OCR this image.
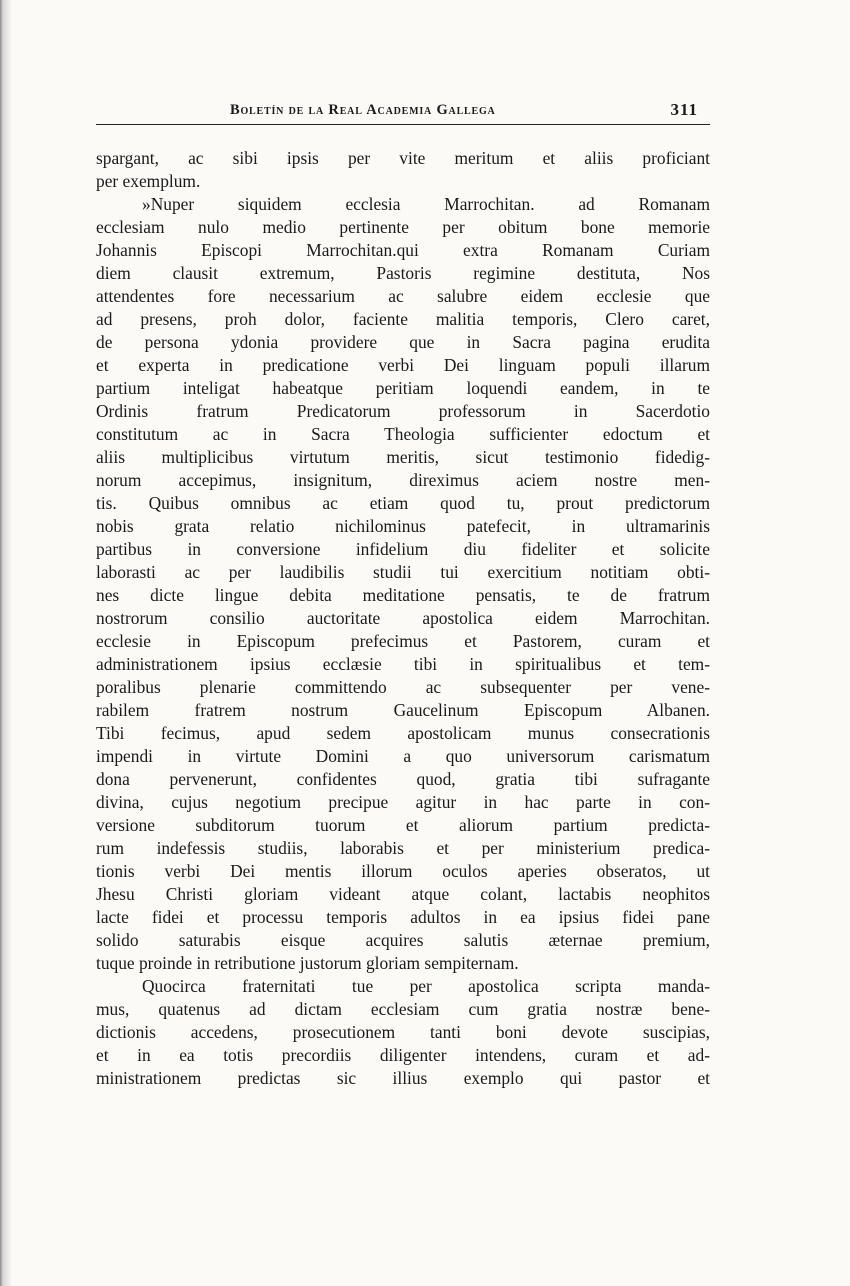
Boletín de la Real Academia Gallega	311
spargant, ac sibi ipsis per vite meritum et aliis proficiant
per exemplum.
»Nuper siquidem ecclesia Marrochitan. ad Romanam
ecclesiam nulo medio pertinente per obitum bone memorie
Johannis Episcopi Marrochitan.qui extra Romanam Curiam
diem clausit extremum, Pastoris regimine destituta, Nos
attendentes fore necessarium ac salubre eidem ecclesie que
ad presens, proh dolor, faciente malitia temporis, Clero caret,
de persona ydonia providere que in Sacra pagina erudita
et experta in predicatione verbi Dei linguam populi illarum
partium inteligat habeatque peritiam loquendi eandem, in te
Ordinis fratrum Predicatorum professorum in Sacerdotio
constitutum ac in Sacra Theologia sufficienter edoctum et
aliis multiplicibus virtutum meritis, sicut testimonio fidedig-
norum accepimus, insignitum, direximus aciem nostre men-
tis. Quibus omnibus ac etiam quod tu, prout predictorum
nobis grata relatio nichilominus patefecit, in ultramarinis
partibus in conversione infidelium diu fideliter et solicite
laborasti ac per laudibilis studii tui exercitium notitiam obti-
nes dicte lingue debita meditatione pensatis, te de fratrum
nostrorum consilio auctoritate apostolica eidem Marrochitan.
ecclesie in Episcopum prefecimus et Pastorem, curam et
administrationem ipsius ecclæsie tibi in spiritualibus et tem-
poralibus plenarie committendo ac subsequenter per vene-
rabilem fratrem nostrum Gaucelinum Episcopum Albanen.
Tibi fecimus, apud sedem apostolicam munus consecrationis
impendi in virtute Domini a quo universorum carismatum
dona pervenerunt, confidentes quod, gratia tibi sufragante
divina, cujus negotium precipue agitur in hac parte in con-
versione subditorum tuorum et aliorum partium predicta-
rum indefessis studiis, laborabis et per ministerium predica-
tionis verbi Dei mentis illorum oculos aperies obseratos, ut
Jhesu Christi gloriam videant atque colant, lactabis neophitos
lacte fidei et processu temporis adultos in ea ipsius fidei pane
solido saturabis eisque acquires salutis æternae premium,
tuque proinde in retributione justorum gloriam sempiternam.
Quocirca fraternitati tue per apostolica scripta manda-
mus, quatenus ad dictam ecclesiam cum gratia nostræ bene-
dictionis accedens, prosecutionem tanti boni devote suscipias,
et in ea totis precordiis diligenter intendens, curam et ad-
ministrationem predictas sic illius exemplo qui pastor et
